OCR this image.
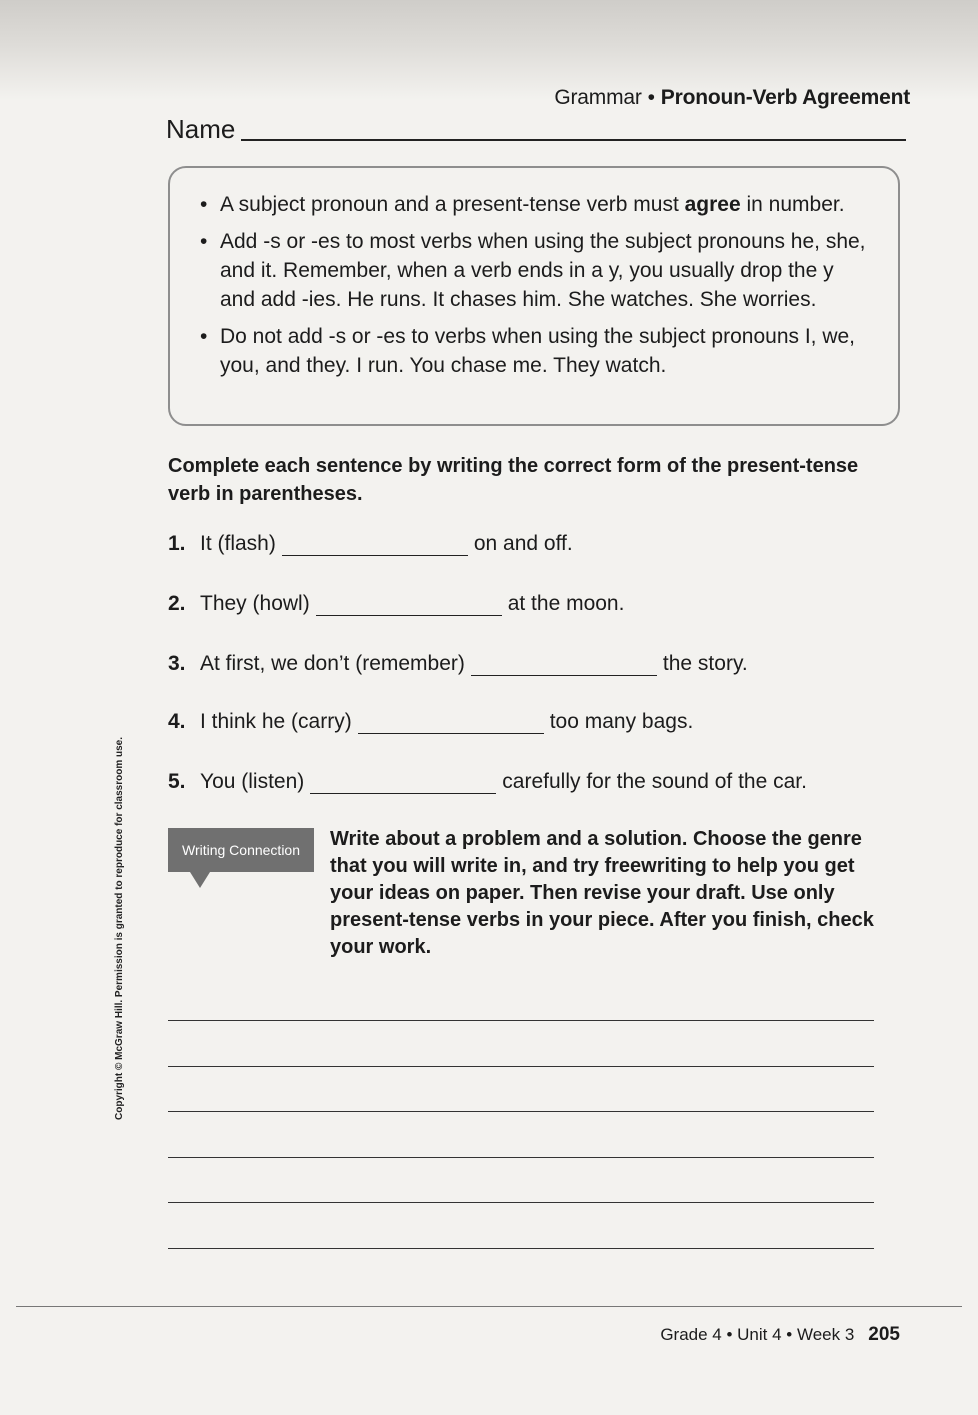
Grammar • Pronoun-Verb Agreement
Name
• A subject pronoun and a present-tense verb must agree in number.
• Add -s or -es to most verbs when using the subject pronouns he, she, and it. Remember, when a verb ends in a y, you usually drop the y and add -ies. He runs. It chases him. She watches. She worries.
• Do not add -s or -es to verbs when using the subject pronouns I, we, you, and they. I run. You chase me. They watch.
Complete each sentence by writing the correct form of the present-tense verb in parentheses.
1. It (flash)	on and off.
2. They (howl)	at the moon.
3. At first, we don’t (remember)	the story.
4. I think he (carry)	too many bags.
5. You (listen)	carefully for the sound of the car.
Writing Connection	Write about a problem and a solution. Choose the genre that you will write in, and try freewriting to help you get your ideas on paper. Then revise your draft. Use only present-tense verbs in your piece. After you finish, check your work.
Copyright © McGraw Hill. Permission is granted to reproduce for classroom use.
Grade 4 • Unit 4 • Week 3 205
